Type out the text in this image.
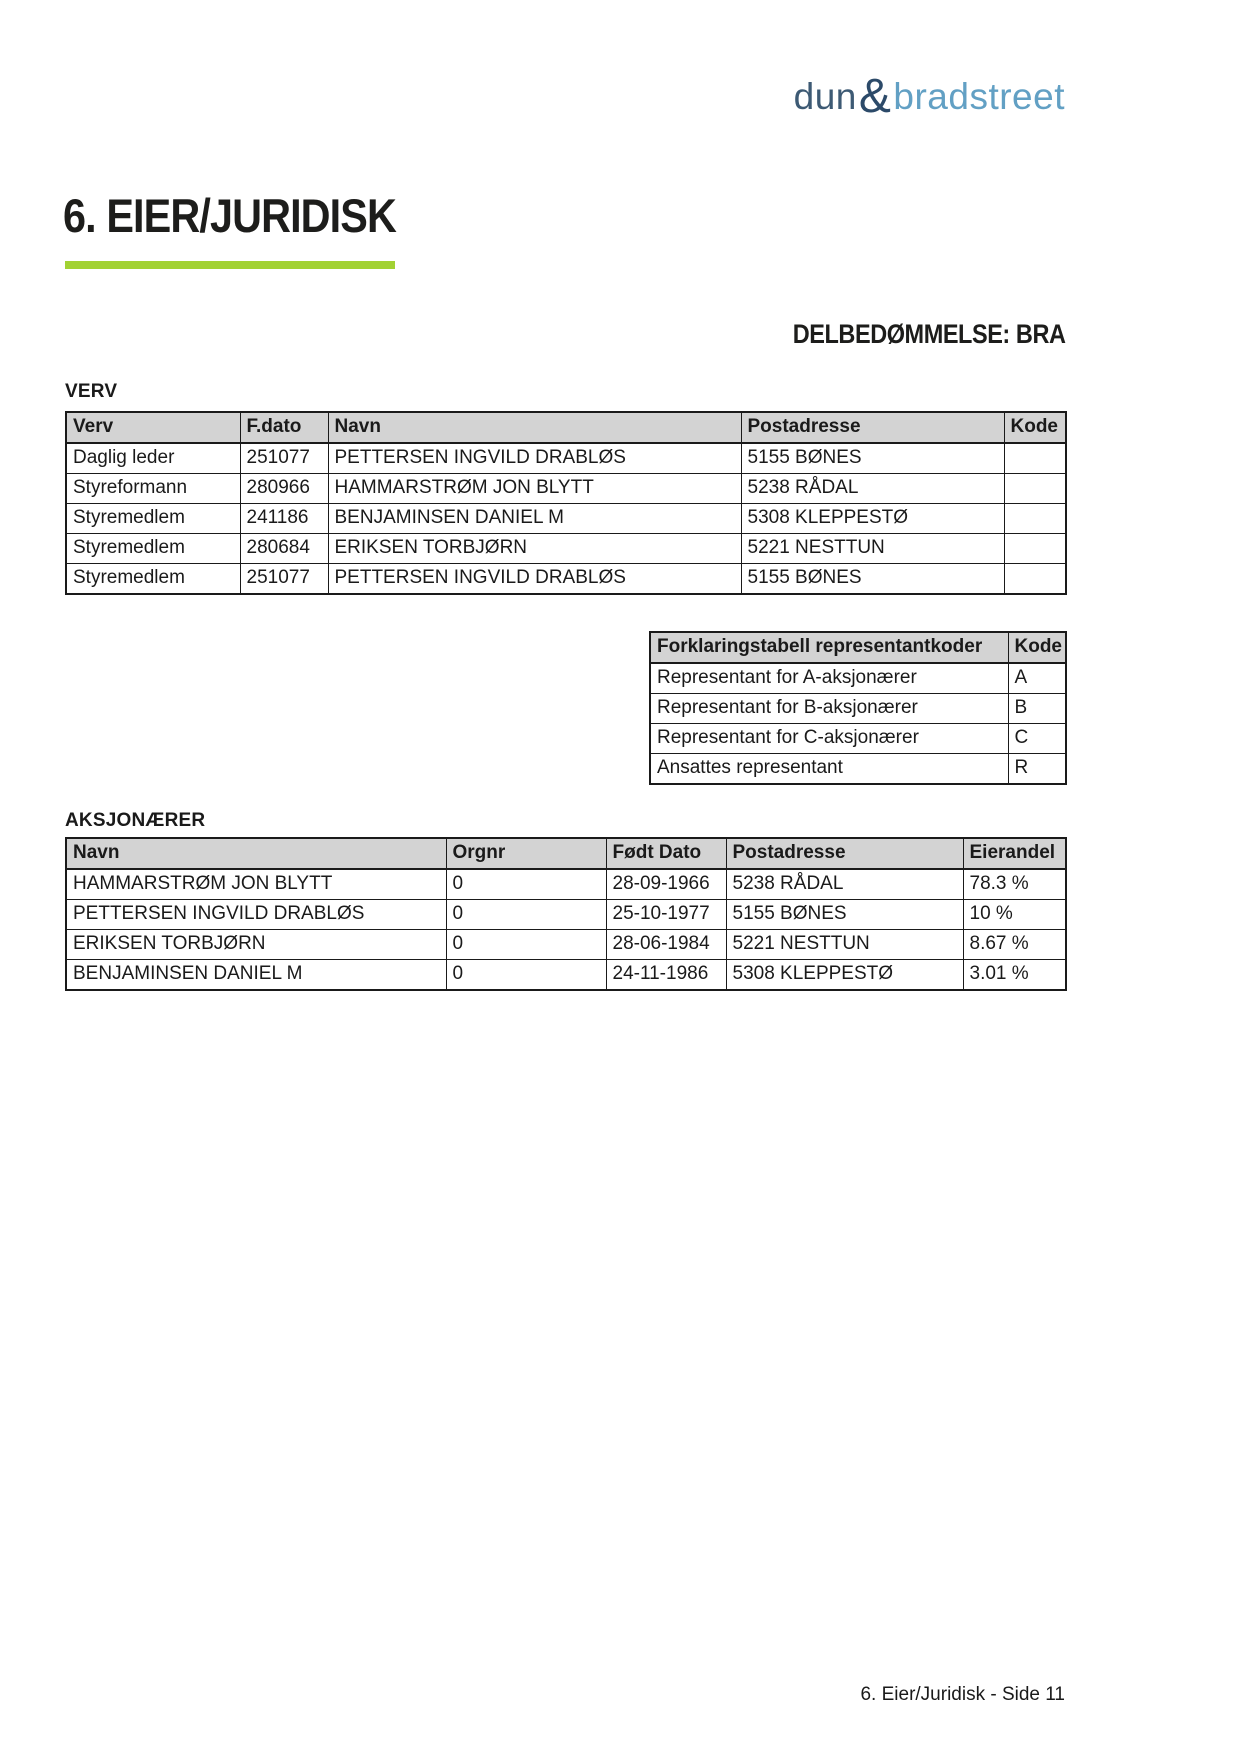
dun & bradstreet
6. EIER/JURIDISK
DELBEDØMMELSE: BRA
VERV
Verv	F.dato	Navn	Postadresse	Kode
Daglig leder	251077	PETTERSEN INGVILD DRABLØS	5155 BØNES	
Styreformann	280966	HAMMARSTRØM JON BLYTT	5238 RÅDAL	
Styremedlem	241186	BENJAMINSEN DANIEL M	5308 KLEPPESTØ	
Styremedlem	280684	ERIKSEN TORBJØRN	5221 NESTTUN	
Styremedlem	251077	PETTERSEN INGVILD DRABLØS	5155 BØNES	
Forklaringstabell representantkoder	Kode
Representant for A-aksjonærer	A
Representant for B-aksjonærer	B
Representant for C-aksjonærer	C
Ansattes representant	R
AKSJONÆRER
Navn	Orgnr	Født Dato	Postadresse	Eierandel
HAMMARSTRØM JON BLYTT	0	28-09-1966	5238 RÅDAL	78.3 %
PETTERSEN INGVILD DRABLØS	0	25-10-1977	5155 BØNES	10 %
ERIKSEN TORBJØRN	0	28-06-1984	5221 NESTTUN	8.67 %
BENJAMINSEN DANIEL M	0	24-11-1986	5308 KLEPPESTØ	3.01 %
6. Eier/Juridisk - Side 11
